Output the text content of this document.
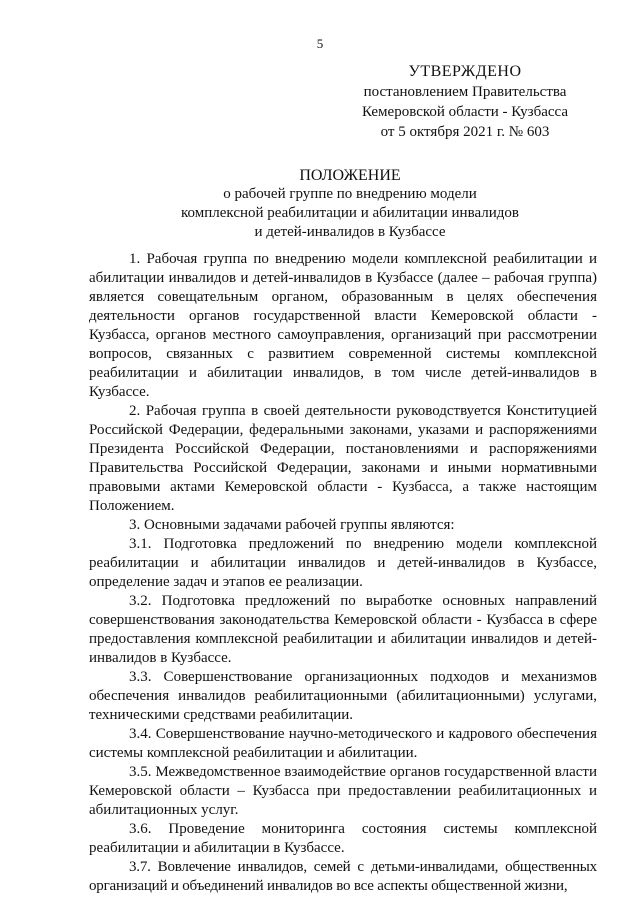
5
УТВЕРЖДЕНО
постановлением Правительства
Кемеровской области - Кузбасса
от 5 октября 2021 г. № 603
ПОЛОЖЕНИЕ
о рабочей группе по внедрению модели
комплексной реабилитации и абилитации инвалидов
и детей-инвалидов в Кузбассе

1. Рабочая группа по внедрению модели комплексной реабилитации и абилитации инвалидов и детей-инвалидов в Кузбассе (далее – рабочая группа) является совещательным органом, образованным в целях обеспечения деятельности органов государственной власти Кемеровской области - Кузбасса, органов местного самоуправления, организаций при рассмотрении вопросов, связанных с развитием современной системы комплексной реабилитации и абилитации инвалидов, в том числе детей-инвалидов в Кузбассе.

2. Рабочая группа в своей деятельности руководствуется Конституцией Российской Федерации, федеральными законами, указами и распоряжениями Президента Российской Федерации, постановлениями и распоряжениями Правительства Российской Федерации, законами и иными нормативными правовыми актами Кемеровской области - Кузбасса, а также настоящим Положением.

3. Основными задачами рабочей группы являются:

3.1. Подготовка предложений по внедрению модели комплексной реабилитации и абилитации инвалидов и детей-инвалидов в Кузбассе, определение задач и этапов ее реализации.

3.2. Подготовка предложений по выработке основных направлений совершенствования законодательства Кемеровской области - Кузбасса в сфере предоставления комплексной реабилитации и абилитации инвалидов и детей-инвалидов в Кузбассе.

3.3. Совершенствование организационных подходов и механизмов обеспечения инвалидов реабилитационными (абилитационными) услугами, техническими средствами реабилитации.

3.4. Совершенствование научно-методического и кадрового обеспечения системы комплексной реабилитации и абилитации.

3.5. Межведомственное взаимодействие органов государственной власти Кемеровской области – Кузбасса при предоставлении реабилитационных и абилитационных услуг.

3.6. Проведение мониторинга состояния системы комплексной реабилитации и абилитации в Кузбассе.

3.7. Вовлечение инвалидов, семей с детьми-инвалидами, общественных организаций и объединений инвалидов во все аспекты общественной жизни,
